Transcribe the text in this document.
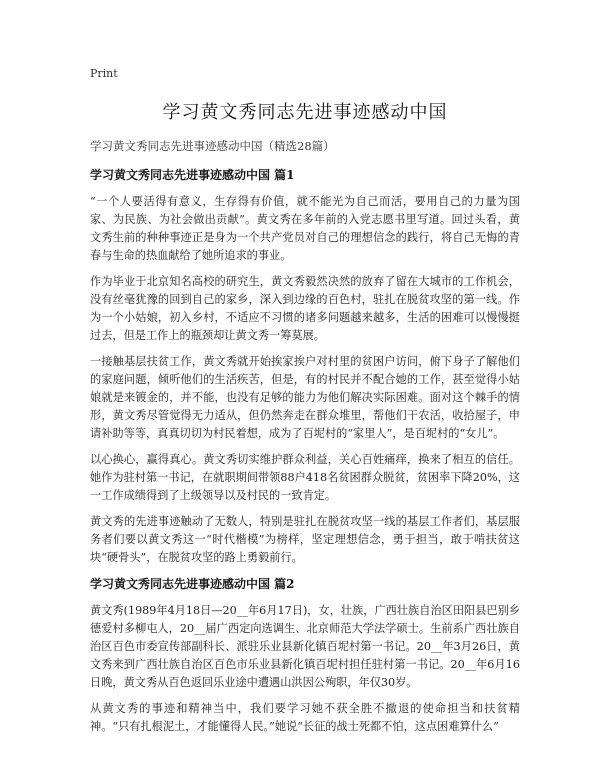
Print
学习黄文秀同志先进事迹感动中国

学习黄文秀同志先进事迹感动中国（精选28篇）

学习黄文秀同志先进事迹感动中国 篇1

“一个人要活得有意义，生存得有价值，就不能光为自己而活，要用自己的力量为国家、为民族、为社会做出贡献”。黄文秀在多年前的入党志愿书里写道。回过头看，黄文秀生前的种种事迹正是身为一个共产党员对自己的理想信念的践行，将自己无悔的青春与生命的热血献给了她所追求的事业。

作为毕业于北京知名高校的研究生，黄文秀毅然决然的放弃了留在大城市的工作机会，没有丝毫犹豫的回到自己的家乡，深入到边缘的百色村，驻扎在脱贫攻坚的第一线。作为一个小姑娘，初入乡村，不适应不习惯的诸多问题越来越多，生活的困难可以慢慢挺过去，但是工作上的瓶颈却让黄文秀一筹莫展。

一接触基层扶贫工作，黄文秀就开始挨家挨户对村里的贫困户访问，俯下身子了解他们的家庭问题，倾听他们的生活疾苦，但是，有的村民并不配合她的工作，甚至觉得小姑娘就是来镀金的，并不能，也没有足够的能力为他们解决实际困难。面对这个棘手的情形，黄文秀尽管觉得无力适从，但仍然奔走在群众堆里，帮他们干农活，收拾屋子，申请补助等等，真真切切为村民着想，成为了百坭村的“家里人”，是百坭村的“女儿”。

以心换心，赢得真心。黄文秀切实维护群众利益，关心百姓痛痒，换来了相互的信任。她作为驻村第一书记，在就职期间带领88户418名贫困群众脱贫，贫困率下降20%，这一工作成绩得到了上级领导以及村民的一致肯定。

黄文秀的先进事迹触动了无数人，特别是驻扎在脱贫攻坚一线的基层工作者们，基层服务者们要以黄文秀这一“时代楷模”为榜样，坚定理想信念，勇于担当，敢于啃扶贫这块“硬骨头”，在脱贫攻坚的路上勇毅前行。

学习黄文秀同志先进事迹感动中国 篇2

黄文秀(1989年4月18日—20__年6月17日)，女，壮族，广西壮族自治区田阳县巴别乡德爱村多柳屯人，20__届广西定向选调生、北京师范大学法学硕士。生前系广西壮族自治区百色市委宣传部副科长、派驻乐业县新化镇百坭村第一书记。20__年3月26日，黄文秀来到广西壮族自治区百色市乐业县新化镇百坭村担任驻村第一书记。20__年6月16日晚，黄文秀从百色返回乐业途中遭遇山洪因公殉职，年仅30岁。

从黄文秀的事迹和精神当中，我们要学习她不获全胜不撤退的使命担当和扶贫精神。“只有扎根泥土，才能懂得人民。”她说“长征的战士死都不怕，这点困难算什么”
